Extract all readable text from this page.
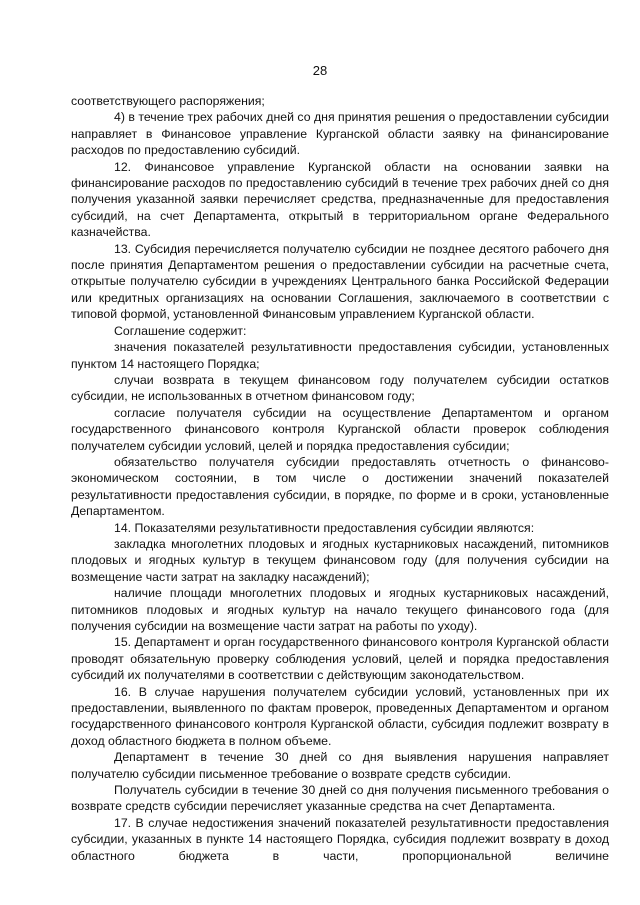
28

соответствующего распоряжения;

4) в течение трех рабочих дней со дня принятия решения о предоставлении субсидии направляет в Финансовое управление Курганской области заявку на финансирование расходов по предоставлению субсидий.

12. Финансовое управление Курганской области на основании заявки на финансирование расходов по предоставлению субсидий в течение трех рабочих дней со дня получения указанной заявки перечисляет средства, предназначенные для предоставления субсидий, на счет Департамента, открытый в территориальном органе Федерального казначейства.

13. Субсидия перечисляется получателю субсидии не позднее десятого рабочего дня после принятия Департаментом решения о предоставлении субсидии на расчетные счета, открытые получателю субсидии в учреждениях Центрального банка Российской Федерации или кредитных организациях на основании Соглашения, заключаемого в соответствии с типовой формой, установленной Финансовым управлением Курганской области.

Соглашение содержит:

значения показателей результативности предоставления субсидии, установленных пунктом 14 настоящего Порядка;

случаи возврата в текущем финансовом году получателем субсидии остатков субсидии, не использованных в отчетном финансовом году;

согласие получателя субсидии на осуществление Департаментом и органом государственного финансового контроля Курганской области проверок соблюдения получателем субсидии условий, целей и порядка предоставления субсидии;

обязательство получателя субсидии предоставлять отчетность о финансово-экономическом состоянии, в том числе о достижении значений показателей результативности предоставления субсидии, в порядке, по форме и в сроки, установленные Департаментом.

14. Показателями результативности предоставления субсидии являются:

закладка многолетних плодовых и ягодных кустарниковых насаждений, питомников плодовых и ягодных культур в текущем финансовом году (для получения субсидии на возмещение части затрат на закладку насаждений);

наличие площади многолетних плодовых и ягодных кустарниковых насаждений, питомников плодовых и ягодных культур на начало текущего финансового года (для получения субсидии на возмещение части затрат на работы по уходу).

15. Департамент и орган государственного финансового контроля Курганской области проводят обязательную проверку соблюдения условий, целей и порядка предоставления субсидий их получателями в соответствии с действующим законодательством.

16. В случае нарушения получателем субсидии условий, установленных при их предоставлении, выявленного по фактам проверок, проведенных Департаментом и органом государственного финансового контроля Курганской области, субсидия подлежит возврату в доход областного бюджета в полном объеме.

Департамент в течение 30 дней со дня выявления нарушения направляет получателю субсидии письменное требование о возврате средств субсидии.

Получатель субсидии в течение 30 дней со дня получения письменного требования о возврате средств субсидии перечисляет указанные средства на счет Департамента.

17. В случае недостижения значений показателей результативности предоставления субсидии, указанных в пункте 14 настоящего Порядка, субсидия подлежит возврату в доход областного бюджета в части, пропорциональной величине
